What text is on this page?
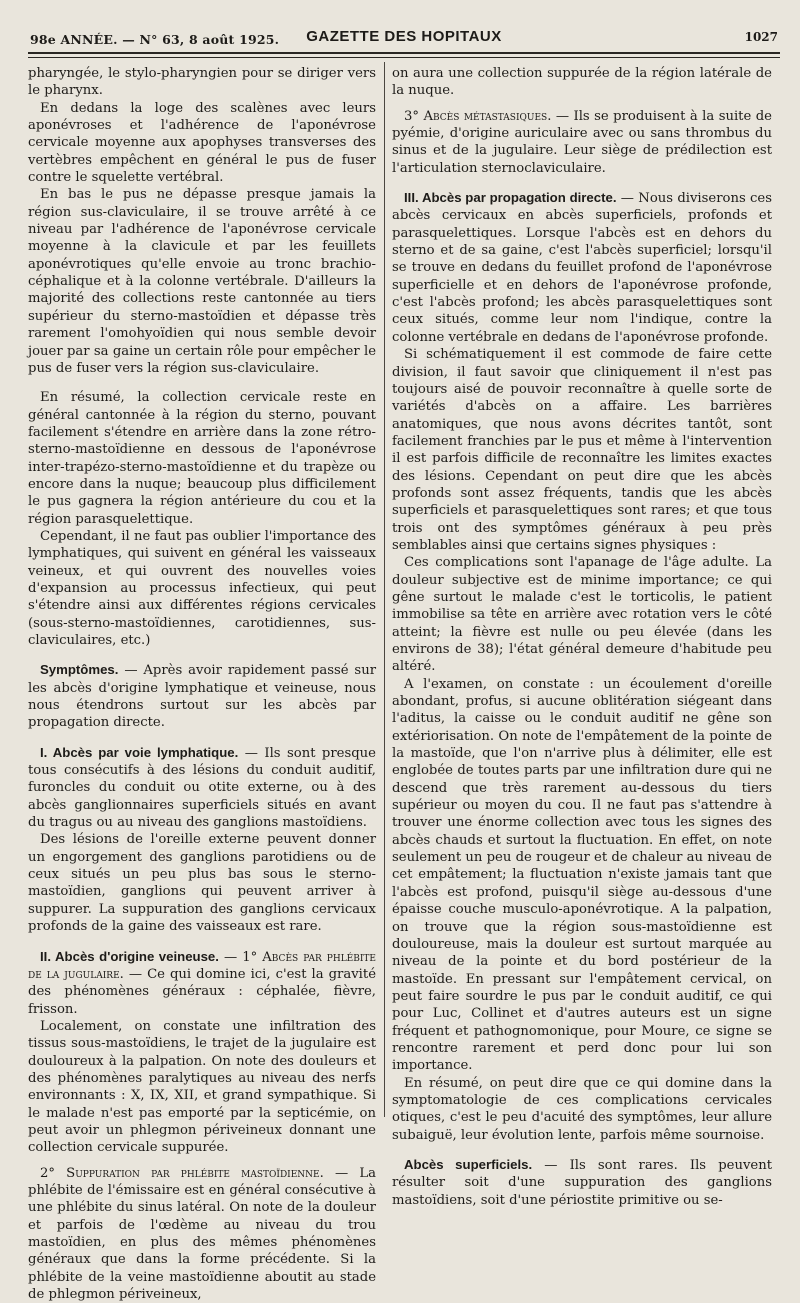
98e ANNÉE. — N° 63, 8 août 1925.	GAZETTE DES HOPITAUX	1027

pharyngée, le stylo-pharyngien pour se diriger vers le pharynx.

En dedans la loge des scalènes avec leurs aponévroses et l'adhérence de l'aponévrose cervicale moyenne aux apophyses transverses des vertèbres empêchent en général le pus de fuser contre le squelette vertébral.

En bas le pus ne dépasse presque jamais la région sus-claviculaire, il se trouve arrêté à ce niveau par l'adhérence de l'aponévrose cervicale moyenne à la clavicule et par les feuillets aponévrotiques qu'elle envoie au tronc brachio-céphalique et à la colonne vertébrale. D'ailleurs la majorité des collections reste cantonnée au tiers supérieur du sterno-mastoïdien et dépasse très rarement l'omohyoïdien qui nous semble devoir jouer par sa gaine un certain rôle pour empêcher le pus de fuser vers la région sus-claviculaire.

En résumé, la collection cervicale reste en général cantonnée à la région du sterno, pouvant facilement s'étendre en arrière dans la zone rétro-sterno-mastoïdienne en dessous de l'aponévrose inter-trapézo-sterno-mastoïdienne et du trapèze ou encore dans la nuque; beaucoup plus difficilement le pus gagnera la région antérieure du cou et la région parasquelettique.

Cependant, il ne faut pas oublier l'importance des lymphatiques, qui suivent en général les vaisseaux veineux, et qui ouvrent des nouvelles voies d'expansion au processus infectieux, qui peut s'étendre ainsi aux différentes régions cervicales (sous-sterno-mastoïdiennes, carotidiennes, sus-claviculaires, etc.)

Symptômes. — Après avoir rapidement passé sur les abcès d'origine lymphatique et veineuse, nous nous étendrons surtout sur les abcès par propagation directe.

I. Abcès par voie lymphatique. — Ils sont presque tous consécutifs à des lésions du conduit auditif, furoncles du conduit ou otite externe, ou à des abcès ganglionnaires superficiels situés en avant du tragus ou au niveau des ganglions mastoïdiens.

Des lésions de l'oreille externe peuvent donner un engorgement des ganglions parotidiens ou de ceux situés un peu plus bas sous le sterno-mastoïdien, ganglions qui peuvent arriver à suppurer. La suppuration des ganglions cervicaux profonds de la gaine des vaisseaux est rare.

II. Abcès d'origine veineuse. — 1° Abcès par phlébite de la jugulaire. — Ce qui domine ici, c'est la gravité des phénomènes généraux : céphalée, fièvre, frisson.

Localement, on constate une infiltration des tissus sous-mastoïdiens, le trajet de la jugulaire est douloureux à la palpation. On note des douleurs et des phénomènes paralytiques au niveau des nerfs environnants : X, IX, XII, et grand sympathique. Si le malade n'est pas emporté par la septicémie, on peut avoir un phlegmon périveineux donnant une collection cervicale suppurée.

2° Suppuration par phlébite mastoïdienne. — La phlébite de l'émissaire est en général consécutive à une phlébite du sinus latéral. On note de la douleur et parfois de l'œdème au niveau du trou mastoïdien, en plus des mêmes phénomènes généraux que dans la forme précédente. Si la phlébite de la veine mastoïdienne aboutit au stade de phlegmon périveineux,

on aura une collection suppurée de la région latérale de la nuque.

3° Abcès métastasiques. — Ils se produisent à la suite de pyémie, d'origine auriculaire avec ou sans thrombus du sinus et de la jugulaire. Leur siège de prédilection est l'articulation sternoclaviculaire.

III. Abcès par propagation directe. — Nous diviserons ces abcès cervicaux en abcès superficiels, profonds et parasquelettiques. Lorsque l'abcès est en dehors du sterno et de sa gaine, c'est l'abcès superficiel; lorsqu'il se trouve en dedans du feuillet profond de l'aponévrose superficielle et en dehors de l'aponévrose profonde, c'est l'abcès profond; les abcès parasquelettiques sont ceux situés, comme leur nom l'indique, contre la colonne vertébrale en dedans de l'aponévrose profonde.

Si schématiquement il est commode de faire cette division, il faut savoir que cliniquement il n'est pas toujours aisé de pouvoir reconnaître à quelle sorte de variétés d'abcès on a affaire. Les barrières anatomiques, que nous avons décrites tantôt, sont facilement franchies par le pus et même à l'intervention il est parfois difficile de reconnaître les limites exactes des lésions. Cependant on peut dire que les abcès profonds sont assez fréquents, tandis que les abcès superficiels et parasquelettiques sont rares; et que tous trois ont des symptômes généraux à peu près semblables ainsi que certains signes physiques :

Ces complications sont l'apanage de l'âge adulte. La douleur subjective est de minime importance; ce qui gêne surtout le malade c'est le torticolis, le patient immobilise sa tête en arrière avec rotation vers le côté atteint; la fièvre est nulle ou peu élevée (dans les environs de 38); l'état général demeure d'habitude peu altéré.

A l'examen, on constate : un écoulement d'oreille abondant, profus, si aucune oblitération siégeant dans l'aditus, la caisse ou le conduit auditif ne gêne son extériorisation. On note de l'empâtement de la pointe de la mastoïde, que l'on n'arrive plus à délimiter, elle est englobée de toutes parts par une infiltration dure qui ne descend que très rarement au-dessous du tiers supérieur ou moyen du cou. Il ne faut pas s'attendre à trouver une énorme collection avec tous les signes des abcès chauds et surtout la fluctuation. En effet, on note seulement un peu de rougeur et de chaleur au niveau de cet empâtement; la fluctuation n'existe jamais tant que l'abcès est profond, puisqu'il siège au-dessous d'une épaisse couche musculo-aponévrotique. A la palpation, on trouve que la région sous-mastoïdienne est douloureuse, mais la douleur est surtout marquée au niveau de la pointe et du bord postérieur de la mastoïde. En pressant sur l'empâtement cervical, on peut faire sourdre le pus par le conduit auditif, ce qui pour Luc, Collinet et d'autres auteurs est un signe fréquent et pathognomonique, pour Moure, ce signe se rencontre rarement et perd donc pour lui son importance.

En résumé, on peut dire que ce qui domine dans la symptomatologie de ces complications cervicales otiques, c'est le peu d'acuité des symptômes, leur allure subaiguë, leur évolution lente, parfois même sournoise.

Abcès superficiels. — Ils sont rares. Ils peuvent résulter soit d'une suppuration des ganglions mastoïdiens, soit d'une périostite primitive ou se-
